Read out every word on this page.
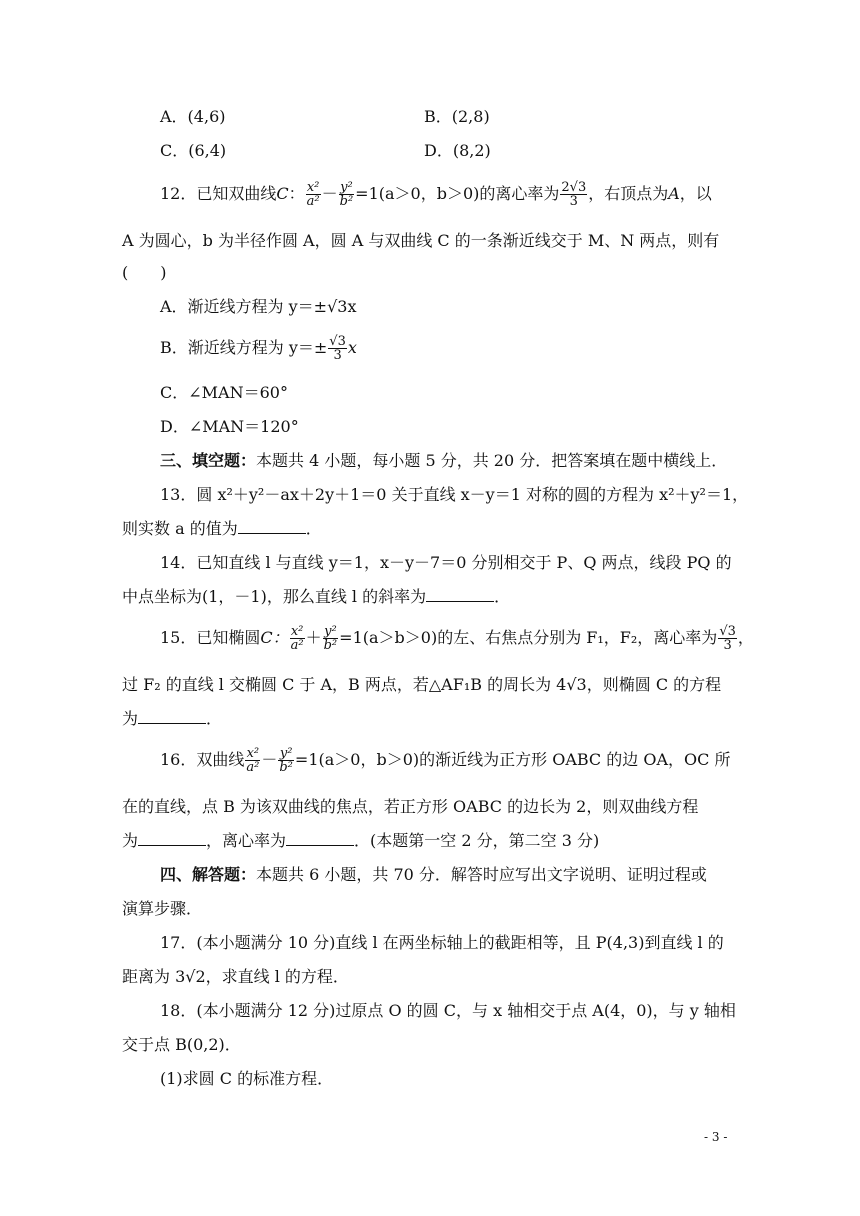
A．(4,6)	B．(2,8)
C．(6,4)	D．(8,2)
12．已知双曲线C： $\frac{\text{x²}}{\text{a²}} - \frac{\text{y²}}{\text{b²}} =1(a>0$，b＞0)的离心率为 $\frac{2√3}{3}$ ，右顶点为A，以
A 为圆心，b 为半径作圆 A，圆 A 与双曲线 C 的一条渐近线交于 M、N 两点，则有
(　　)
A．渐近线方程为 y＝±√3x
B．渐近线方程为 $y=\pm \frac{√3}{3}$ x
C．∠MAN＝60°
D．∠MAN＝120°
三、填空题：本题共 4 小题，每小题 5 分，共 20 分．把答案填在题中横线上．
13．圆 x²＋y²－ax＋2y＋1＝0 关于直线 x－y＝1 对称的圆的方程为 x²＋y²＝1，
则实数 a 的值为	．
14．已知直线 l 与直线 y＝1，x－y－7＝0 分别相交于 P、Q 两点，线段 PQ 的
中点坐标为(1，－1)，那么直线 l 的斜率为	．
15．已知椭圆C： $\frac{\text{x²}}{\text{a²}} + \frac{\text{y²}}{\text{b²}} =1(a>b>0)$的左、右焦点分别为 F₁，F₂，离心率为 $\frac{√3}{3}$ ，
过 F₂ 的直线 l 交椭圆 C 于 A，B 两点，若△AF₁B 的周长为 4√3，则椭圆 C 的方程
为	．
16．双曲线 $\frac{\text{x²}}{\text{a²}} - \frac{\text{y²}}{\text{b²}} =1(a>0$，b＞0)的渐近线为正方形 OABC 的边 OA，OC 所
在的直线，点 B 为该双曲线的焦点，若正方形 OABC 的边长为 2，则双曲线方程
为	，离心率为	．(本题第一空 2 分，第二空 3 分)
四、解答题：本题共 6 小题，共 70 分．解答时应写出文字说明、证明过程或
演算步骤．
17．(本小题满分 10 分)直线 l 在两坐标轴上的截距相等，且 P(4,3)到直线 l 的
距离为 3√2，求直线 l 的方程．
18．(本小题满分 12 分)过原点 O 的圆 C，与 x 轴相交于点 A(4，0)，与 y 轴相
交于点 B(0,2)．
(1)求圆 C 的标准方程．
- 3 -
